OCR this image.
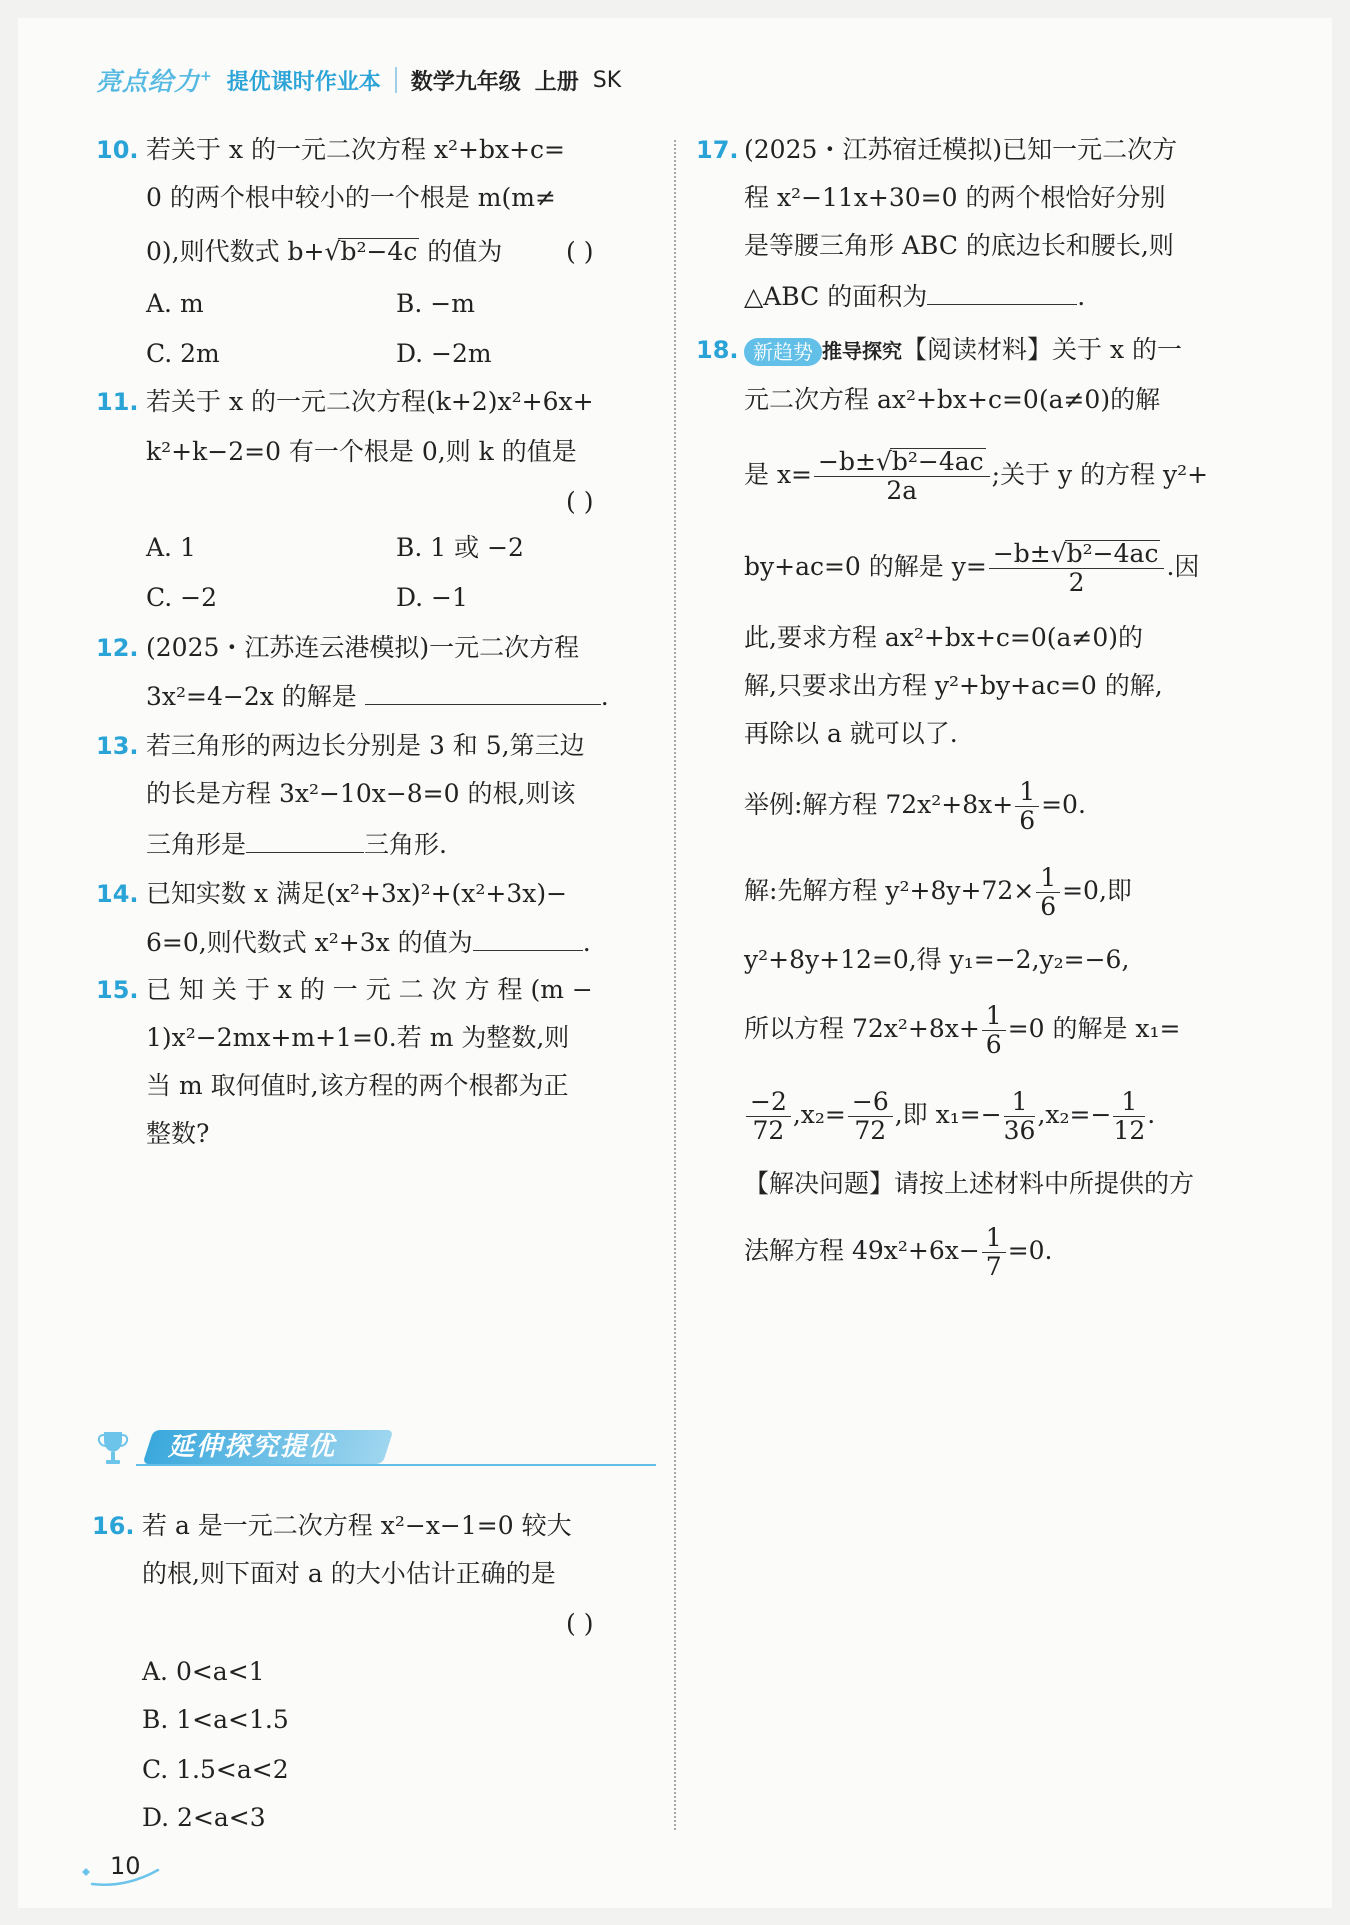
亮点给力+ 提优课时作业本 数学九年级 上册 SK
10. 若关于 x 的一元二次方程 x²+bx+c=
0 的两个根中较小的一个根是 m(m≠
0),则代数式 b+√b²−4c 的值为	( )
A. m	B. −m
C. 2m	D. −2m
11. 若关于 x 的一元二次方程(k+2)x²+6x+
k²+k−2=0 有一个根是 0,则 k 的值是
( )
A. 1	B. 1 或 −2
C. −2	D. −1
12. (2025・江苏连云港模拟)一元二次方程
3x²=4−2x 的解是	.
13. 若三角形的两边长分别是 3 和 5,第三边
的长是方程 3x²−10x−8=0 的根,则该
三角形是	三角形.
14. 已知实数 x 满足(x²+3x)²+(x²+3x)−
6=0,则代数式 x²+3x 的值为	.
15. 已 知 关 于 x 的 一 元 二 次 方 程 (m −
1)x²−2mx+m+1=0.若 m 为整数,则
当 m 取何值时,该方程的两个根都为正
整数?
16. 若 a 是一元二次方程 x²−x−1=0 较大
的根,则下面对 a 的大小估计正确的是
( )
A. 0<a<1
B. 1<a<1.5
C. 1.5<a<2
D. 2<a<3
延伸探究提优
17. (2025・江苏宿迁模拟)已知一元二次方
程 x²−11x+30=0 的两个根恰好分别
是等腰三角形 ABC 的底边长和腰长,则
△ABC 的面积为	.
18. 新趋势 推导探究【阅读材料】关于 x 的一
元二次方程 ax²+bx+c=0(a≠0)的解
是 $x= \frac{\text{−b±√b²−4ac}}{2a}$ ;关于 y 的方程 y²+
by+ac=0 的解是 $y= \frac{\text{−b±√b²−4ac}}{2}$ .因
此,要求方程 ax²+bx+c=0(a≠0)的
解,只要求出方程 y²+by+ac=0 的解,
再除以 a 就可以了.
举例:解方程 $72x^2+8x+ \frac{1}{6} =0$.
解:先解方程 $y^2+8y+72\times \frac{1}{6} =0$,即
y²+8y+12=0,得 y₁=−2,y₂=−6,
所以方程 $72x^2+8x+ \frac{1}{6} =0$ 的解是 x₁=
$\frac{-2}{72} ,x_2= \frac{-6}{72}$ ,即 $x_1=- \frac{1}{36} ,x_2=- \frac{1}{12}$ .
【解决问题】请按上述材料中所提供的方
法解方程 $49x^2+6x- \frac{1}{7} =0$.
10
